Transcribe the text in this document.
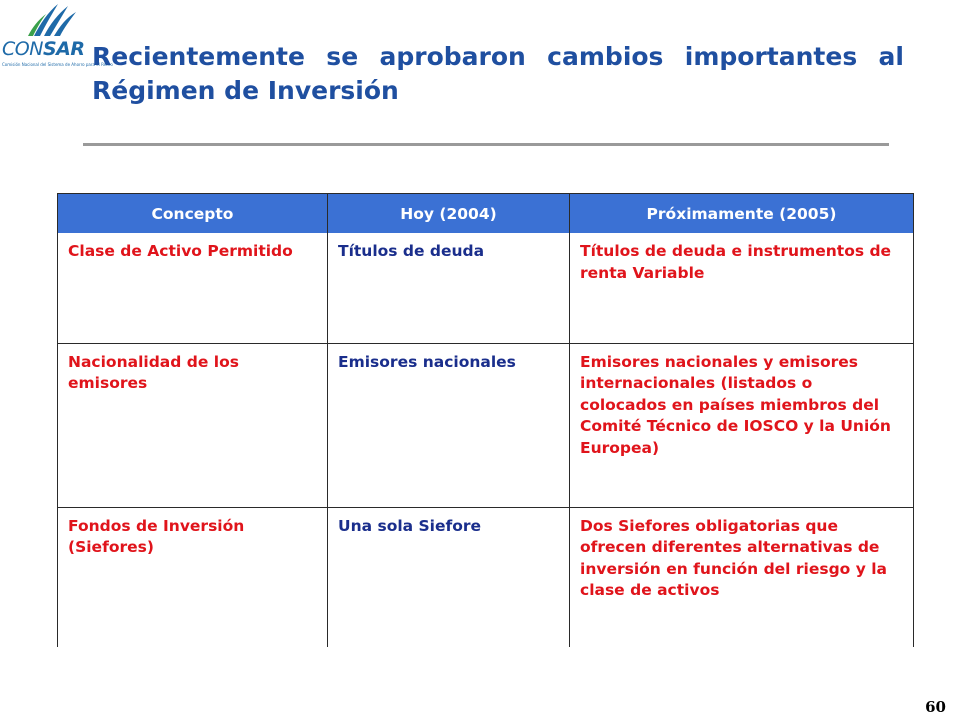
CONSAR
Comisión Nacional del Sistema de Ahorro para el Retiro
Recientemente se aprobaron cambios importantes al Régimen de Inversión
Concepto	Hoy (2004)	Próximamente (2005)
Clase de Activo Permitido	Títulos de deuda	Títulos de deuda e instrumentos de renta Variable
Nacionalidad de los emisores	Emisores nacionales	Emisores nacionales y emisores internacionales (listados o colocados en países miembros del Comité Técnico de IOSCO y la Unión Europea)
Fondos de Inversión (Siefores)	Una sola Siefore	Dos Siefores obligatorias que ofrecen diferentes alternativas de inversión en función del riesgo y la clase de activos
60
